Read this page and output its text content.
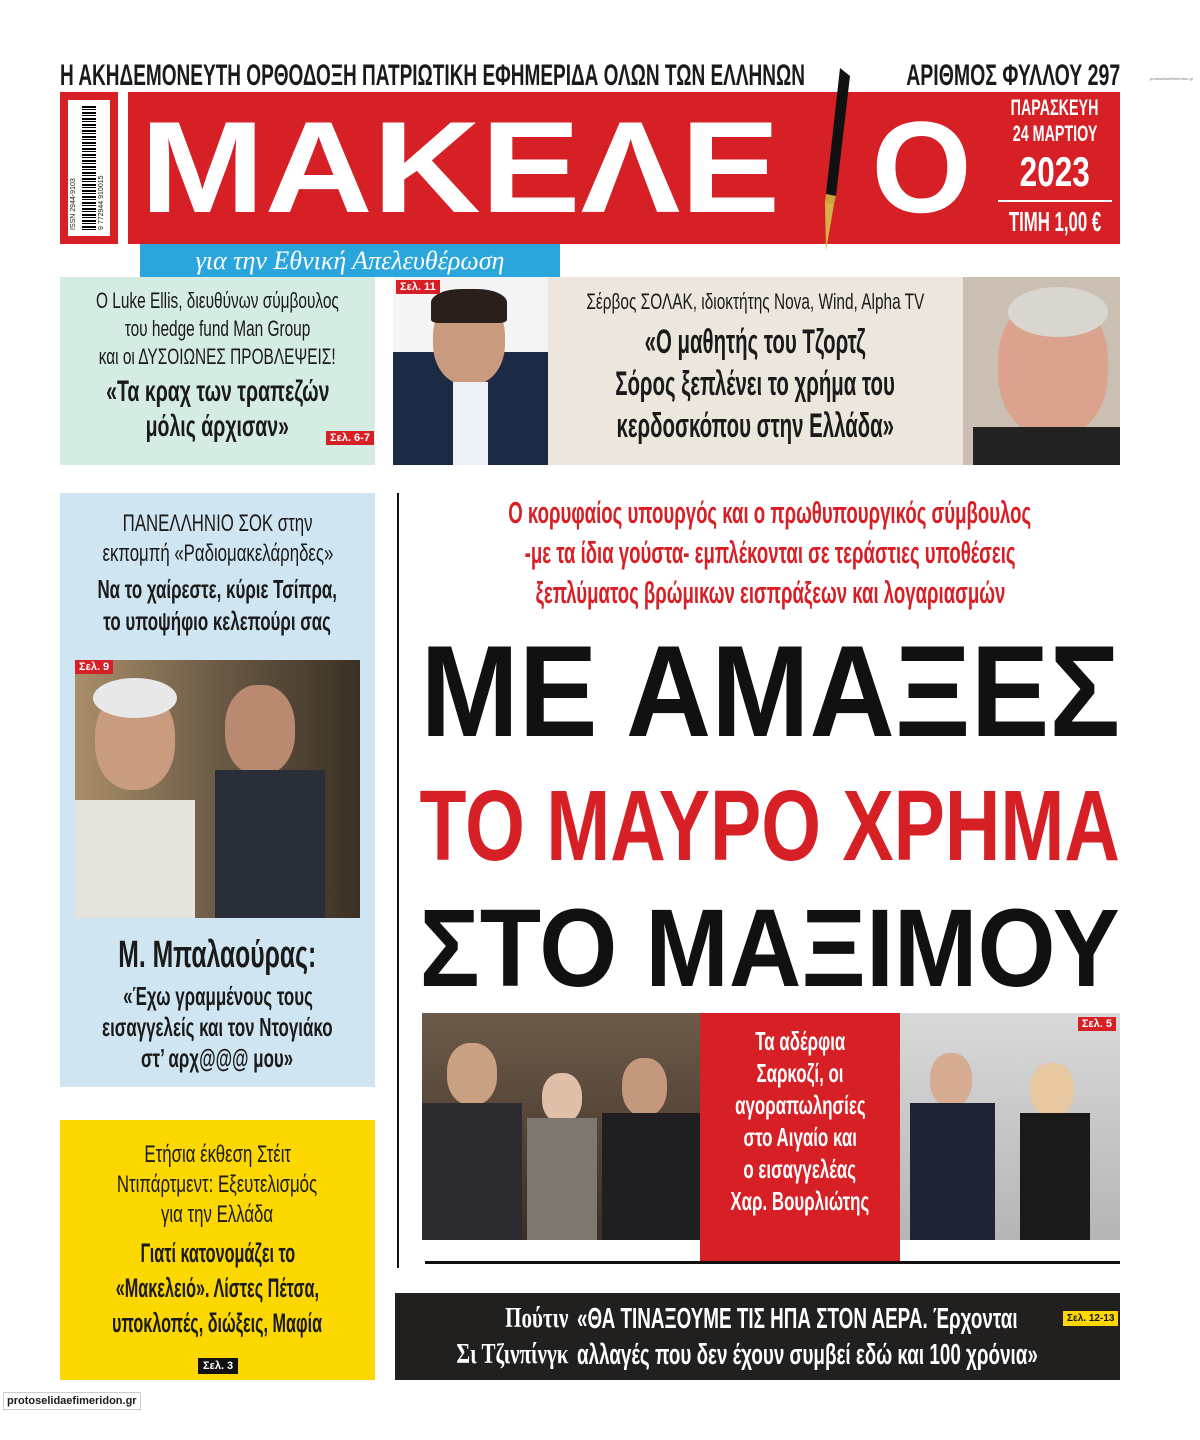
Η ΑΚΗΔΕΜΟΝΕΥΤΗ ΟΡΘΟΔΟΞΗ ΠΑΤΡΙΩΤΙΚΗ ΕΦΗΜΕΡΙΔΑ ΟΛΩΝ ΤΩΝ ΕΛΛΗΝΩΝ	ΑΡΙΘΜΟΣ ΦΥΛΛΟΥ 297	protoselidaefimeridon.gr
ISSN 2944-9103	9 772944 910015 ΜΑΚΕΛΕ Ο ΠΑΡΑΣΚΕΥΗ
24 ΜΑΡΤΙΟΥ
2023
ΤΙΜΗ 1,00 €
για την Εθνική Απελευθέρωση
Ο Luke Ellis, διευθύνων σύμβουλος
του hedge fund Man Group
και οι ΔΥΣΟΙΩΝΕΣ ΠΡΟΒΛΕΨΕΙΣ!
«Τα κραχ των τραπεζών
μόλις άρχισαν»	Σελ. 6-7
Σελ. 11
Σέρβος ΣΟΛΑΚ, ιδιοκτήτης Nova, Wind, Alpha TV
«Ο μαθητής του Τζορτζ
Σόρος ξεπλένει το χρήμα του
κερδοσκόπου στην Ελλάδα»
ΠΑΝΕΛΛΗΝΙΟ ΣΟΚ στην
εκπομπή «Ραδιομακελάρηδες»
Να το χαίρεστε, κύριε Τσίπρα,
το υποψήφιο κελεπούρι σας
Σελ. 9
Μ. Μπαλαούρας:
«Έχω γραμμένους τους
εισαγγελείς και τον Ντογιάκο
στ’ αρχ@@@ μου»
Ο κορυφαίος υπουργός και ο πρωθυπουργικός σύμβουλος
-με τα ίδια γούστα- εμπλέκονται σε τεράστιες υποθέσεις
ξεπλύματος βρώμικων εισπράξεων και λογαριασμών
ΜΕ ΑΜΑΞΕΣ
ΤΟ ΜΑΥΡΟ ΧΡΗΜΑ
ΣΤΟ ΜΑΞΙΜΟΥ
Τα αδέρφια
Σαρκοζί, οι
αγοραπωλησίες
στο Αιγαίο και
ο εισαγγελέας
Χαρ. Βουρλιώτης
Σελ. 5
Ετήσια έκθεση Στέιτ
Ντιπάρτμεντ: Εξευτελισμός
για την Ελλάδα
Γιατί κατονομάζει το
«Μακελειό». Λίστες Πέτσα,
υποκλοπές, διώξεις, Μαφία
Σελ. 3
protoselidaefimeridon.gr
Πούτιν
Σι Τζινπίνγκ
«ΘΑ ΤΙΝΑΞΟΥΜΕ ΤΙΣ ΗΠΑ ΣΤΟΝ ΑΕΡΑ. Έρχονται
αλλαγές που δεν έχουν συμβεί εδώ και 100 χρόνια»
Σελ. 12-13
